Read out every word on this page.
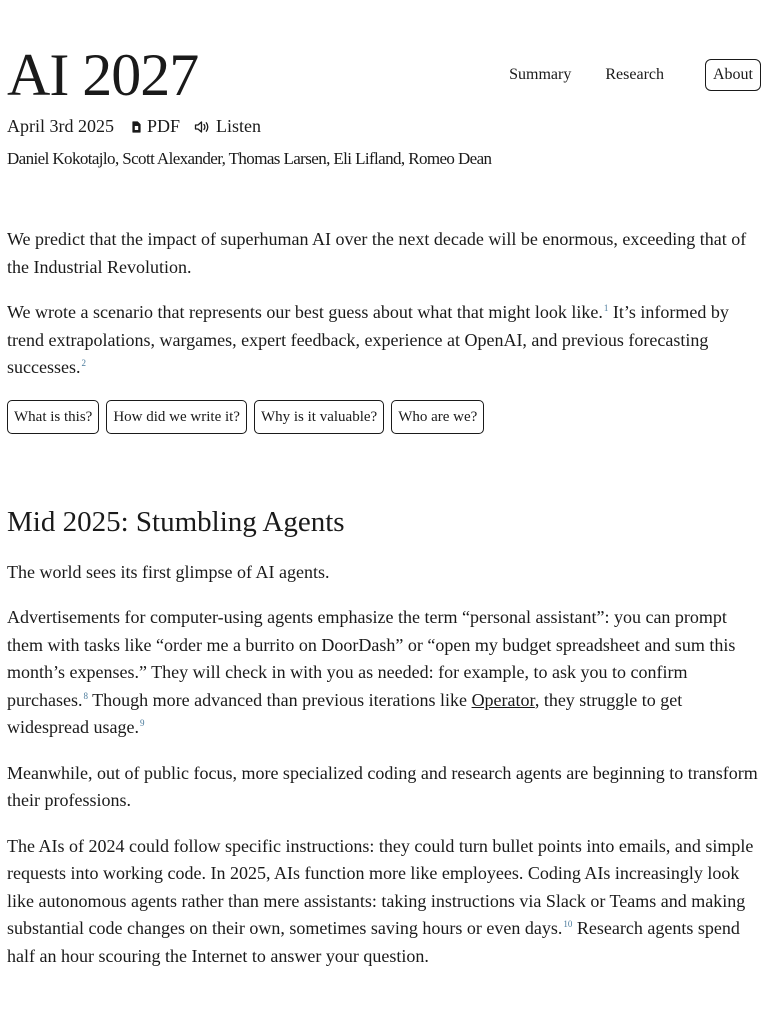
AI 2027	Summary Research	About
April 3rd 2025 PDF Listen
Daniel Kokotajlo, Scott Alexander, Thomas Larsen, Eli Lifland, Romeo Dean

We predict that the impact of superhuman AI over the next decade will be enormous, exceeding that of the Industrial Revolution.

We wrote a scenario that represents our best guess about what that might look like.$^1$ It’s informed by trend extrapolations, wargames, expert feedback, experience at OpenAI, and previous forecasting successes.$^2$

What is this?	How did we write it?	Why is it valuable?	Who are we?
Mid 2025: Stumbling Agents

The world sees its first glimpse of AI agents.

Advertisements for computer-using agents emphasize the term “personal assistant”: you can prompt them with tasks like “order me a burrito on DoorDash” or “open my budget spreadsheet and sum this month’s expenses.” They will check in with you as needed: for example, to ask you to confirm purchases.$^8$ Though more advanced than previous iterations like Operator, they struggle to get widespread usage.$^9$

Meanwhile, out of public focus, more specialized coding and research agents are beginning to transform their professions.

The AIs of 2024 could follow specific instructions: they could turn bullet points into emails, and simple requests into working code. In 2025, AIs function more like employees. Coding AIs increasingly look like autonomous agents rather than mere assistants: taking instructions via Slack or Teams and making substantial code changes on their own, sometimes saving hours or even days.$^{10}$ Research agents spend half an hour scouring the Internet to answer your question.
